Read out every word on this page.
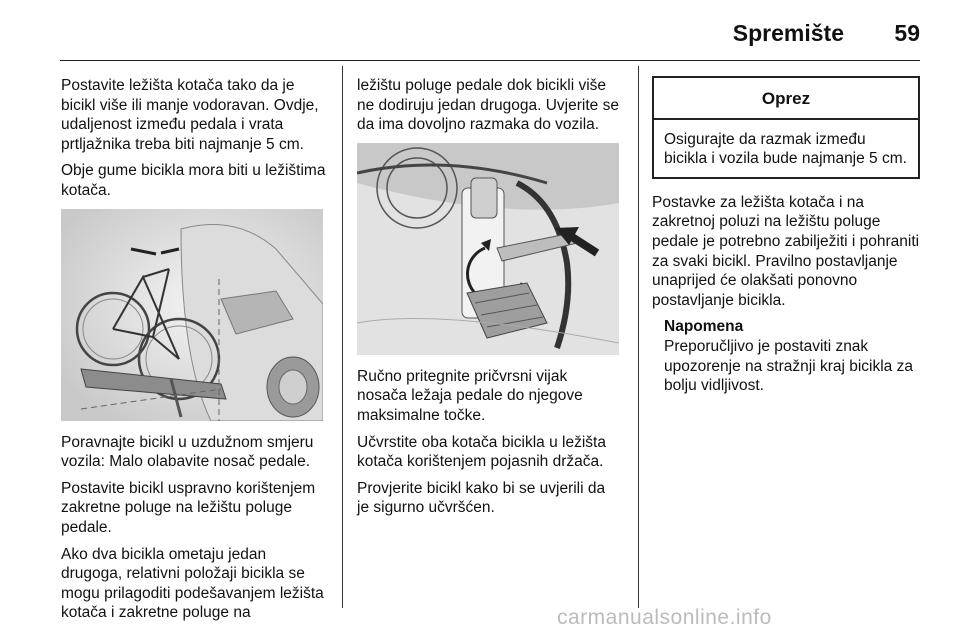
Spremište 59

Postavite ležišta kotača tako da je bicikl više ili manje vodoravan. Ovdje, udaljenost između pedala i vrata prtljažnika treba biti najmanje 5 cm.

Obje gume bicikla mora biti u ležištima kotača.

Poravnajte bicikl u uzdužnom smjeru vozila: Malo olabavite nosač pedale.

Postavite bicikl uspravno korištenjem zakretne poluge na ležištu poluge pedale.

Ako dva bicikla ometaju jedan drugoga, relativni položaji bicikla se mogu prilagoditi podešavanjem ležišta kotača i zakretne poluge na

ležištu poluge pedale dok bicikli više ne dodiruju jedan drugoga. Uvjerite se da ima dovoljno razmaka do vozila.

Ručno pritegnite pričvrsni vijak nosača ležaja pedale do njegove maksimalne točke.

Učvrstite oba kotača bicikla u ležišta kotača korištenjem pojasnih držača.

Provjerite bicikl kako bi se uvjerili da je sigurno učvršćen.

Oprez
Osigurajte da razmak između bicikla i vozila bude najmanje 5 cm.

Postavke za ležišta kotača i na zakretnoj poluzi na ležištu poluge pedale je potrebno zabilježiti i pohraniti za svaki bicikl. Pravilno postavljanje unaprijed će olakšati ponovno postavljanje bicikla.

Napomena
Preporučljivo je postaviti znak upozorenje na stražnji kraj bicikla za bolju vidljivost.
carmanualsonline.info
